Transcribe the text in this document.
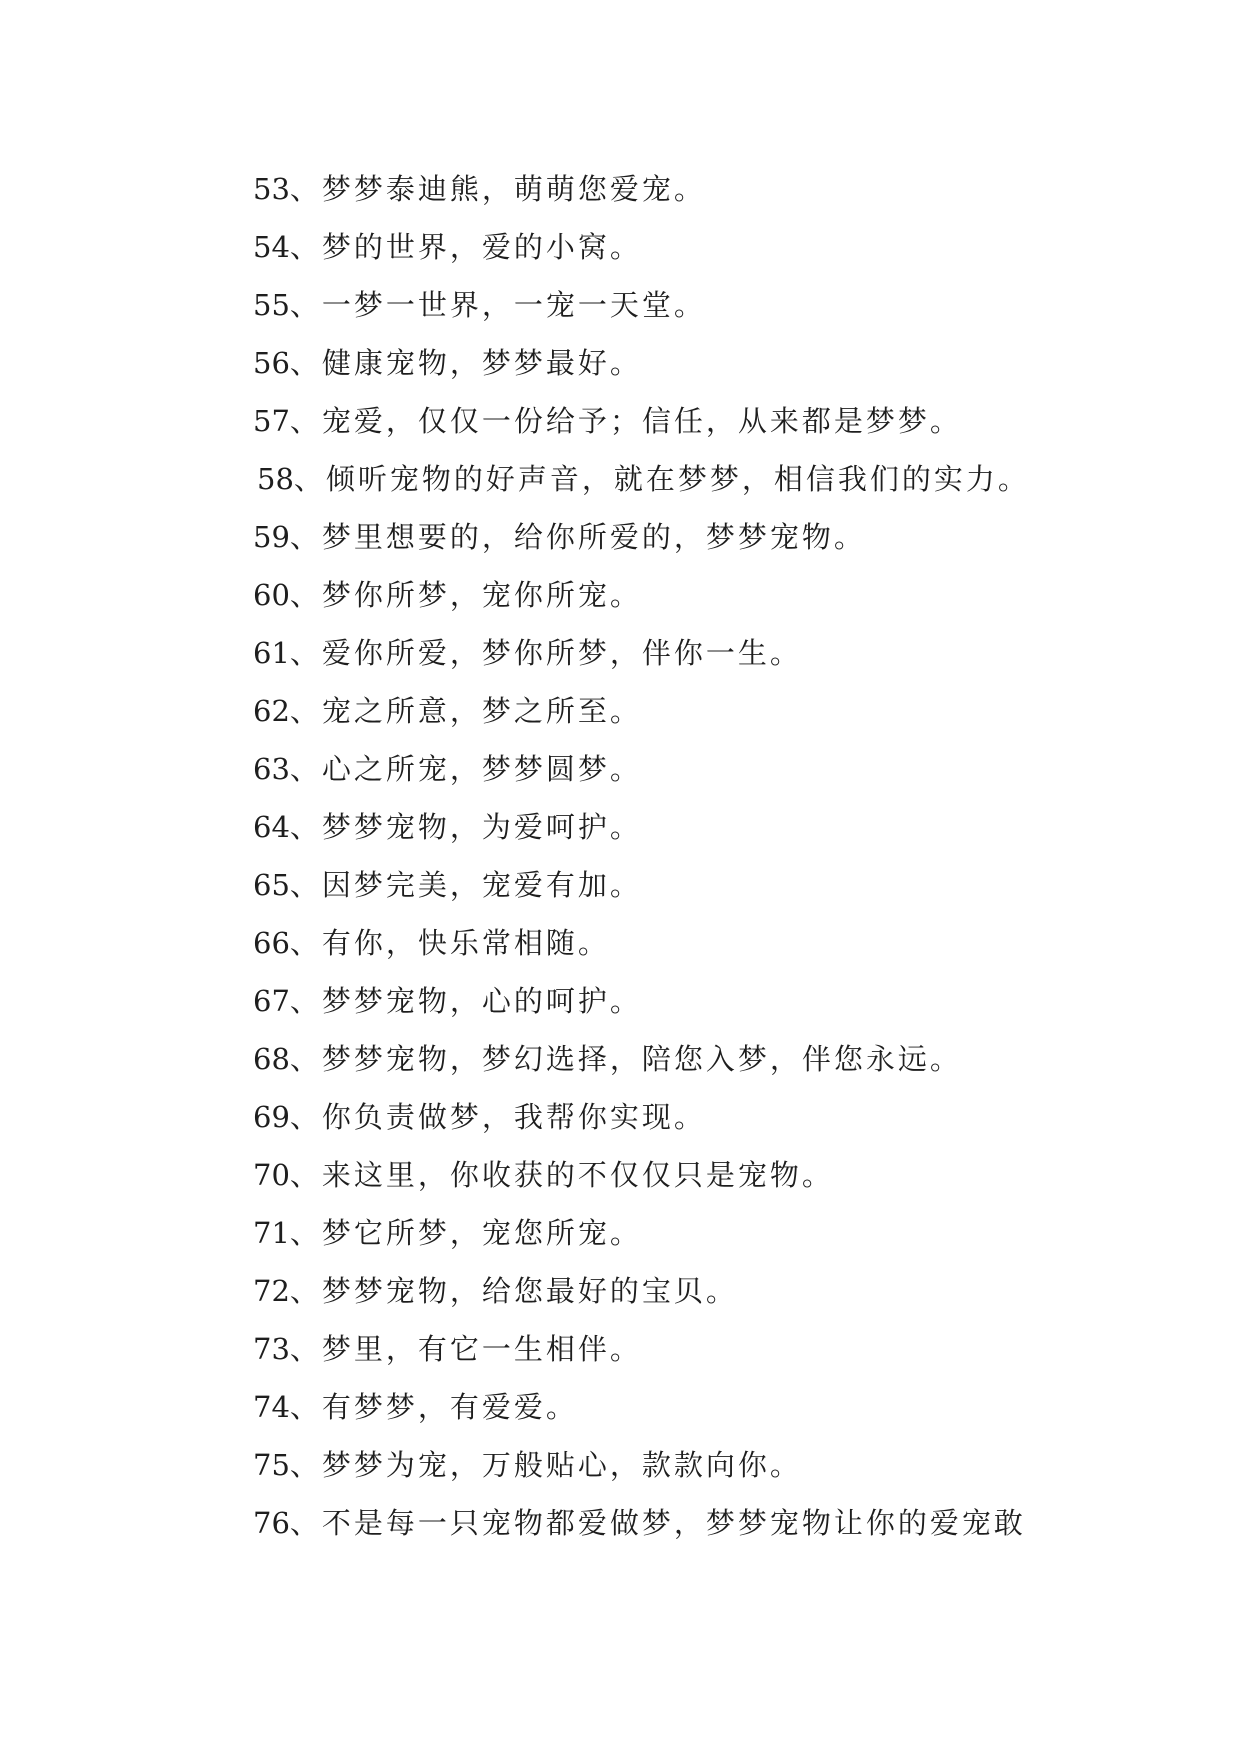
53、梦梦泰迪熊，萌萌您爱宠。
54、梦的世界，爱的小窝。
55、一梦一世界，一宠一天堂。
56、健康宠物，梦梦最好。
57、宠爱，仅仅一份给予；信任，从来都是梦梦。
58、倾听宠物的好声音，就在梦梦，相信我们的实力。
59、梦里想要的，给你所爱的，梦梦宠物。
60、梦你所梦，宠你所宠。
61、爱你所爱，梦你所梦，伴你一生。
62、宠之所意，梦之所至。
63、心之所宠，梦梦圆梦。
64、梦梦宠物，为爱呵护。
65、因梦完美，宠爱有加。
66、有你，快乐常相随。
67、梦梦宠物，心的呵护。
68、梦梦宠物，梦幻选择，陪您入梦，伴您永远。
69、你负责做梦，我帮你实现。
70、来这里，你收获的不仅仅只是宠物。
71、梦它所梦，宠您所宠。
72、梦梦宠物，给您最好的宝贝。
73、梦里，有它一生相伴。
74、有梦梦，有爱爱。
75、梦梦为宠，万般贴心，款款向你。
76、不是每一只宠物都爱做梦，梦梦宠物让你的爱宠敢
